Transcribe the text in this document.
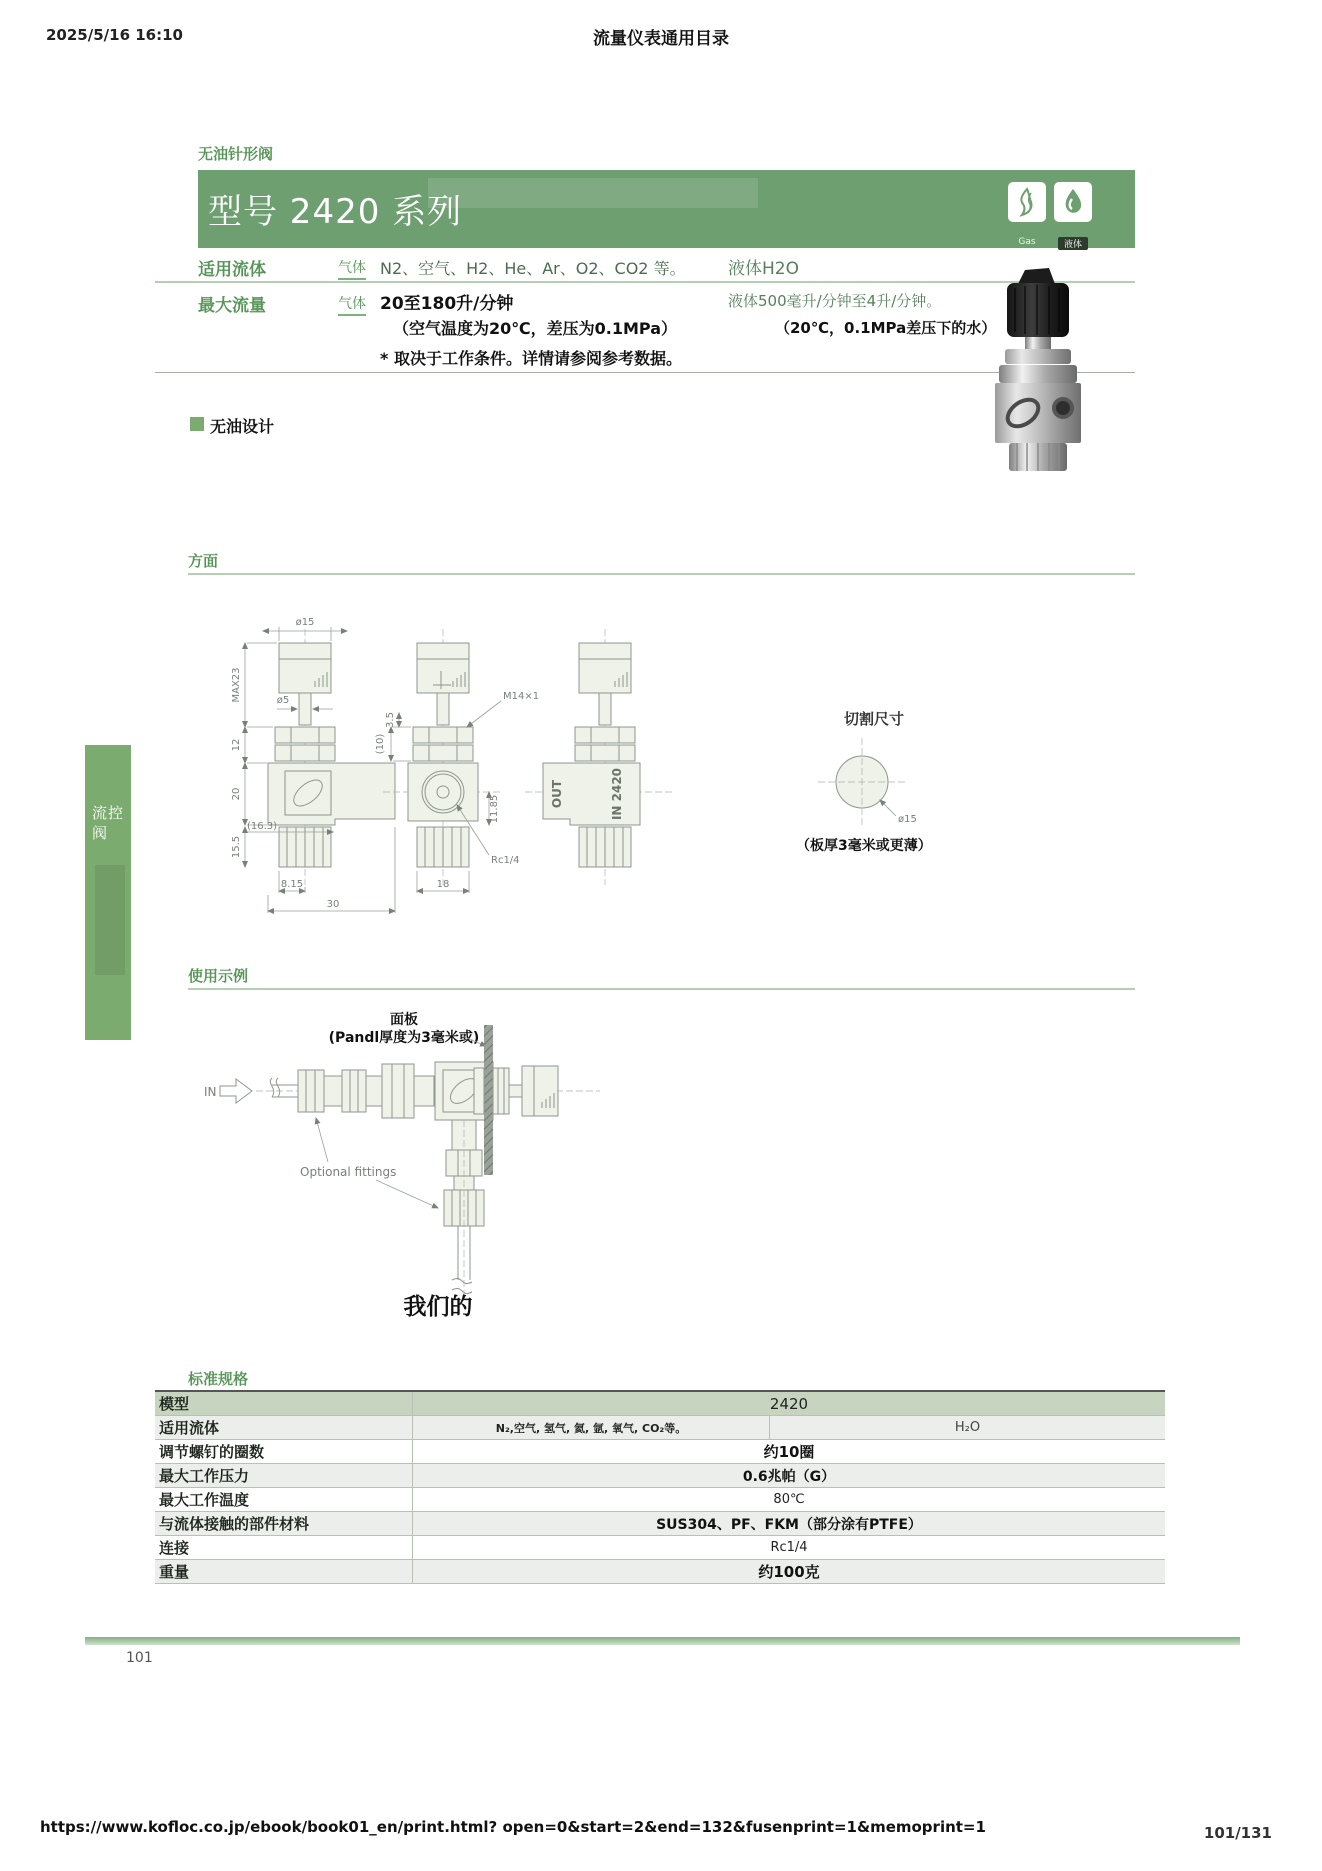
2025/5/16 16:10	流量仪表通用目录
无油针形阀
型号 2420 系列
Gas	液体
适用流体	气体 N2、空气、H2、He、Ar、O2、CO2 等。 液体H2O
最大流量	气体 20至180升/分钟
（空气温度为20℃，差压为0.1MPa）
* 取决于工作条件。详情请参阅参考数据。
液体500毫升/分钟至4升/分钟。
（20℃，0.1MPa差压下的水）
无油设计
方面
ø15
MAX23	ø5
12
20
(16.3)
15.5
8.15
30
3.5
(10)
M14×1
11.85
Rc1/4
18
OUT	IN 2420
切割尺寸
ø15
（板厚3毫米或更薄）
流控阀
使用示例
面板
(Pandl厚度为3毫米或)
IN
Optional fittings
我们的
标准规格
模型	2420
适用流体	N₂,空气, 氢气, 氦, 氩, 氧气, CO₂等。	H₂O
调节螺钉的圈数	约10圈
最大工作压力	0.6兆帕（G）
最大工作温度	80℃
与流体接触的部件材料	SUS304、PF、FKM（部分涂有PTFE）
连接	Rc1/4
重量	约100克
101
https://www.kofloc.co.jp/ebook/book01_en/print.html? open=0&start=2&end=132&fusenprint=1&memoprint=1	101/131
